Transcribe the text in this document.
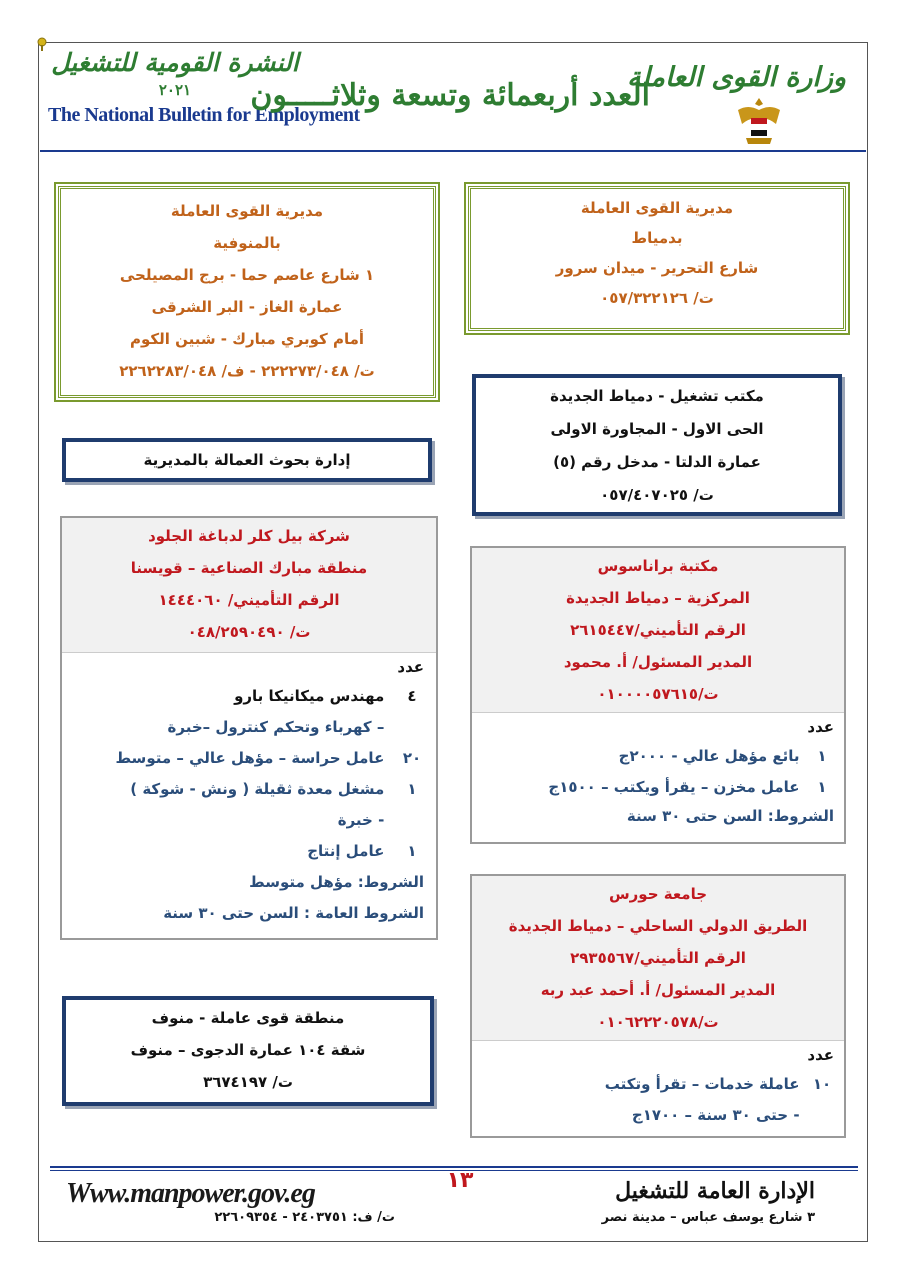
النشرة القومية للتشغيل
٢٠٢١
The National Bulletin for Employment
العدد أربعمائة وتسعة وثلاثـــــون
وزارة القوى العاملة
مديرية القوى العاملة
بدمياط
شارع التحرير - ميدان سرور
ت/ ٠٥٧/٣٢٢١٢٦
مديرية القوى العاملة
بالمنوفية
١ شارع عاصم حما - برج المصيلحى
عمارة الغاز - البر الشرقى
أمام كوبري مبارك - شبين الكوم
ت/ ٢٢٢٢٧٣/٠٤٨ - ف/ ٢٢٦٢٢٨٣/٠٤٨
مكتب تشغيل - دمياط الجديدة
الحى الاول - المجاورة الاولى
عمارة الدلتا - مدخل رقم (٥)
ت/ ٠٥٧/٤٠٧٠٢٥
إدارة بحوث العمالة بالمديرية
شركة بيل كلر لدباغة الجلود
منطقة مبارك الصناعية – قويسنا
الرقم التأميني/ ١٤٤٤٠٦٠
ت/ ٠٤٨/٢٥٩٠٤٩٠
عدد
٤   مهندس ميكانيكا بارو
– كهرباء وتحكم كنترول –خبرة
٢٠   عامل حراسة – مؤهل عالي – متوسط
١   مشغل معدة ثقيلة ( ونش - شوكة )
- خبرة
١   عامل إنتاج
الشروط: مؤهل متوسط
الشروط العامة : السن حتى ٣٠ سنة
مكتبة براناسوس
المركزية – دمياط الجديدة
الرقم التأميني/٢٦١٥٤٤٧
المدير المسئول/ أ. محمود
ت/٠١٠٠٠٠٥٧٦١٥
عدد
١  بائع مؤهل عالي - ٢٠٠٠ج
١  عامل مخزن – يقرأ ويكتب – ١٥٠٠ج
الشروط: السن حتى ٣٠ سنة
جامعة حورس
الطريق الدولي الساحلي – دمياط الجديدة
الرقم التأميني/٢٩٣٥٥٦٧
المدير المسئول/ أ. أحمد عبد ربه
ت/٠١٠٦٢٢٢٠٥٧٨
عدد
١٠  عاملة خدمات – تقرأ وتكتب
- حتى ٣٠ سنة – ١٧٠٠ج
منطقة قوى عاملة - منوف
شقة ١٠٤ عمارة الدجوى – منوف
ت/ ٣٦٧٤١٩٧
١٣
Www.manpower.gov.eg	الإدارة العامة للتشغيل
٣ شارع يوسف عباس – مدينة نصر
ت/ ف: ٢٤٠٣٧٥١ - ٢٢٦٠٩٣٥٤
